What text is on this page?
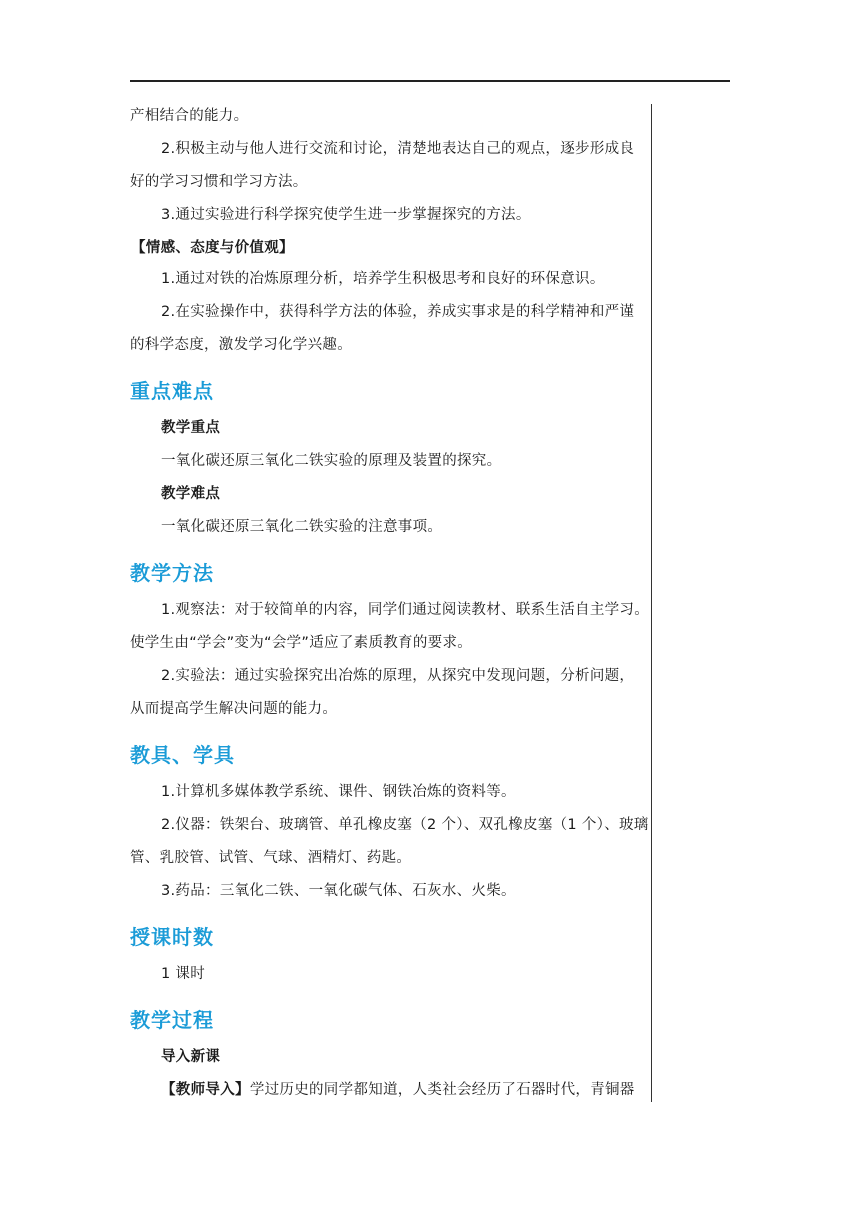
产相结合的能力。

2.积极主动与他人进行交流和讨论，清楚地表达自己的观点，逐步形成良

好的学习习惯和学习方法。

3.通过实验进行科学探究使学生进一步掌握探究的方法。

【情感、态度与价值观】

1.通过对铁的冶炼原理分析，培养学生积极思考和良好的环保意识。

2.在实验操作中，获得科学方法的体验，养成实事求是的科学精神和严谨

的科学态度，激发学习化学兴趣。

重点难点

教学重点

一氧化碳还原三氧化二铁实验的原理及装置的探究。

教学难点

一氧化碳还原三氧化二铁实验的注意事项。

教学方法

1.观察法：对于较简单的内容，同学们通过阅读教材、联系生活自主学习。

使学生由“学会”变为“会学”适应了素质教育的要求。

2.实验法：通过实验探究出冶炼的原理，从探究中发现问题，分析问题，

从而提高学生解决问题的能力。

教具、学具

1.计算机多媒体教学系统、课件、钢铁冶炼的资料等。

2.仪器：铁架台、玻璃管、单孔橡皮塞（2 个）、双孔橡皮塞（1 个）、玻璃

管、乳胶管、试管、气球、酒精灯、药匙。

3.药品：三氧化二铁、一氧化碳气体、石灰水、火柴。

授课时数

1 课时

教学过程

导入新课

【教师导入】学过历史的同学都知道，人类社会经历了石器时代，青铜器
